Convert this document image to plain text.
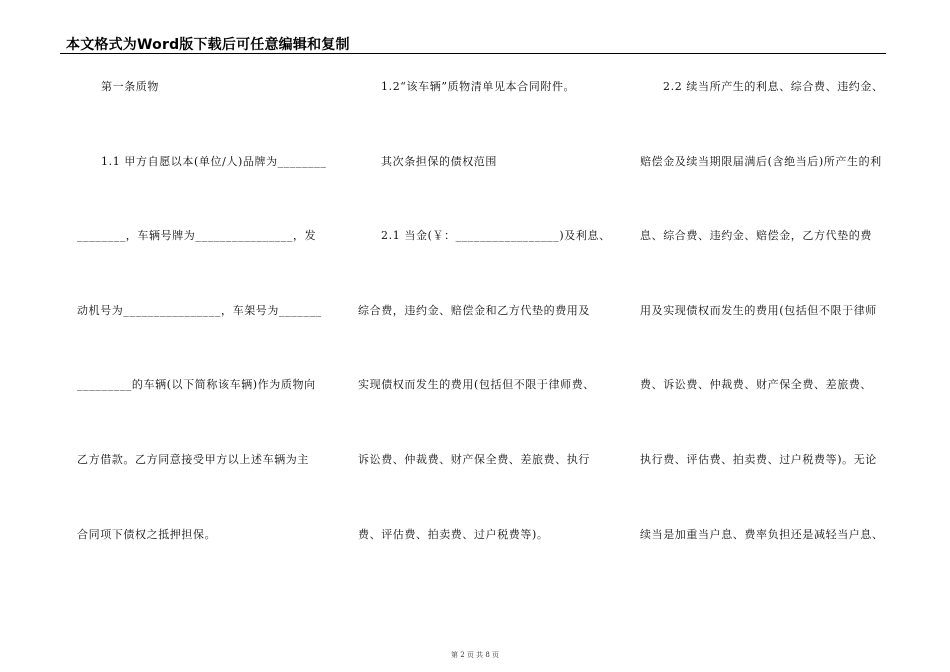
本文格式为Word版下载后可任意编辑和复制
第一条质物
1.1 甲方自愿以本(单位/人)品牌为________
________，车辆号牌为________________，发
动机号为________________，车架号为_______
_________的车辆(以下简称该车辆)作为质物向
乙方借款。乙方同意接受甲方以上述车辆为主
合同项下债权之抵押担保。
1.2“该车辆”质物清单见本合同附件。
其次条担保的债权范围
2.1 当金(￥：_________________)及利息、
综合费，违约金、赔偿金和乙方代垫的费用及
实现债权而发生的费用(包括但不限于律师费、
诉讼费、仲裁费、财产保全费、差旅费、执行
费、评估费、拍卖费、过户税费等)。
2.2 续当所产生的利息、综合费、违约金、
赔偿金及续当期限届满后(含绝当后)所产生的利
息、综合费、违约金、赔偿金，乙方代垫的费
用及实现债权而发生的费用(包括但不限于律师
费、诉讼费、仲裁费、财产保全费、差旅费、
执行费、评估费、拍卖费、过户税费等)。无论
续当是加重当户息、费率负担还是减轻当户息、
第 2 页 共 8 页
